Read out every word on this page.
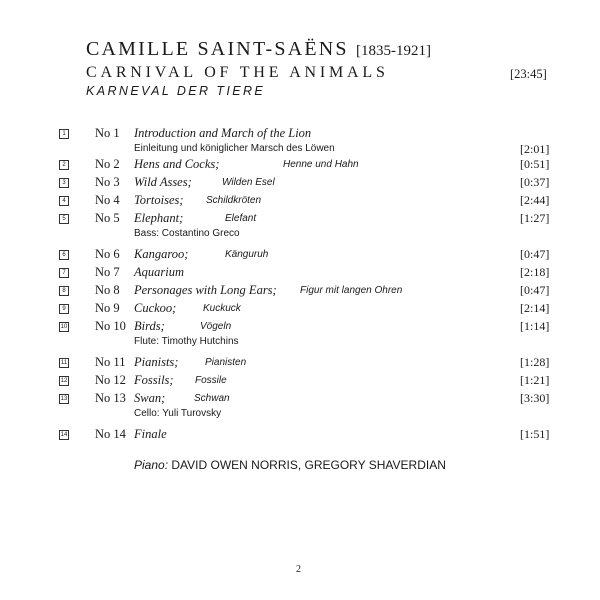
CAMILLE SAINT-SAËNS [1835-1921]
CARNIVAL OF THE ANIMALS	[23:45]
KARNEVAL DER TIERE
1 No 1 Introduction and March of the Lion
Einleitung und königlicher Marsch des Löwen	[2:01]
2 No 2 Hens and Cocks;	Henne und Hahn	[0:51]
3 No 3 Wild Asses;	Wilden Esel	[0:37]
4 No 4 Tortoises; Schildkröten	[2:44]
5 No 5 Elephant;	Elefant	[1:27]
Bass: Costantino Greco
6 No 6 Kangaroo;	Känguruh	[0:47]
7 No 7 Aquarium	[2:18]
8 No 8 Personages with Long Ears; Figur mit langen Ohren	[0:47]
9 No 9 Cuckoo;	Kuckuck	[2:14]
10 No 10 Birds;	Vögeln	[1:14]
Flute: Timothy Hutchins
11 No 11 Pianists;	Pianisten	[1:28]
12 No 12 Fossils; Fossile	[1:21]
13 No 13 Swan;	Schwan	[3:30]
Cello: Yuli Turovsky
14 No 14 Finale	[1:51]
Piano: DAVID OWEN NORRIS, GREGORY SHAVERDIAN
2
